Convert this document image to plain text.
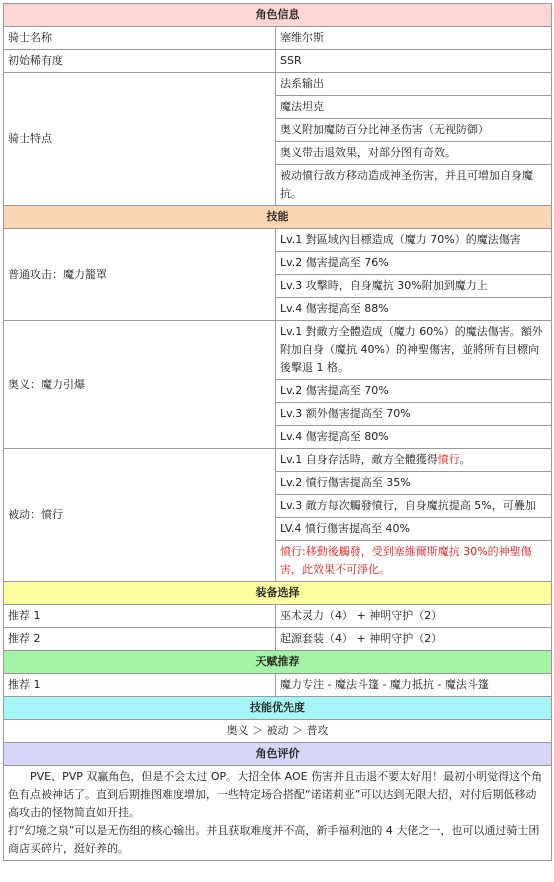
角色信息	
骑士名称	塞维尔斯
初始稀有度	SSR
骑士特点	法系输出
	魔法坦克
	奥义附加魔防百分比神圣伤害（无视防御）
	奥义带击退效果，对部分图有奇效。
	被动憤行敌方移动造成神圣伤害，并且可增加自身魔抗。
技能	
普通攻击：魔力籠罩	Lv.1 對區域內目標造成（魔力 70%）的魔法傷害
	Lv.2 傷害提高至 76%
	Lv.3 攻擊時，自身魔抗 30%附加到魔力上
	Lv.4 傷害提高至 88%
奥义：魔力引爆	Lv.1 對敵方全體造成（魔力 60%）的魔法傷害。額外附加自身（魔抗 40%）的神聖傷害，並將所有目標向後擊退 1 格。
	Lv.2 傷害提高至 70%
	Lv.3 额外傷害提高至 70%
	Lv.4 傷害提高至 80%
被动：憤行	Lv.1 自身存活時，敵方全體獲得憤行。
	Lv.2 憤行傷害提高至 35%
	Lv.3 敵方每次觸發憤行，自身魔抗提高 5%，可疊加
	LV.4 憤行傷害提高至 40%
	憤行:移動後觸發，受到塞維爾斯魔抗 30%的神聖傷害，此效果不可淨化。
装备选择	
推荐 1	巫术灵力（4） + 神明守护（2）
推荐 2	起源套装（4） + 神明守护（2）
天赋推荐	
推荐 1	魔力专注 - 魔法斗篷 - 魔力抵抗 - 魔法斗篷
技能优先度	
奥义 ＞ 被动 ＞ 普攻	
角色评价	

PVE、PVP 双赢角色，但是不会太过 OP。大招全体 AOE 伤害并且击退不要太好用！最初小明觉得这个角色有点被神话了。直到后期推图难度增加，一些特定场合搭配“诺诺莉亚”可以达到无限大招，对付后期低移动高攻击的怪物简直如开挂。
打“幻境之泉”可以是无伤组的核心输出。并且获取难度并不高，新手福利池的 4 大佬之一，也可以通过骑士团商店买碎片，挺好养的。	
